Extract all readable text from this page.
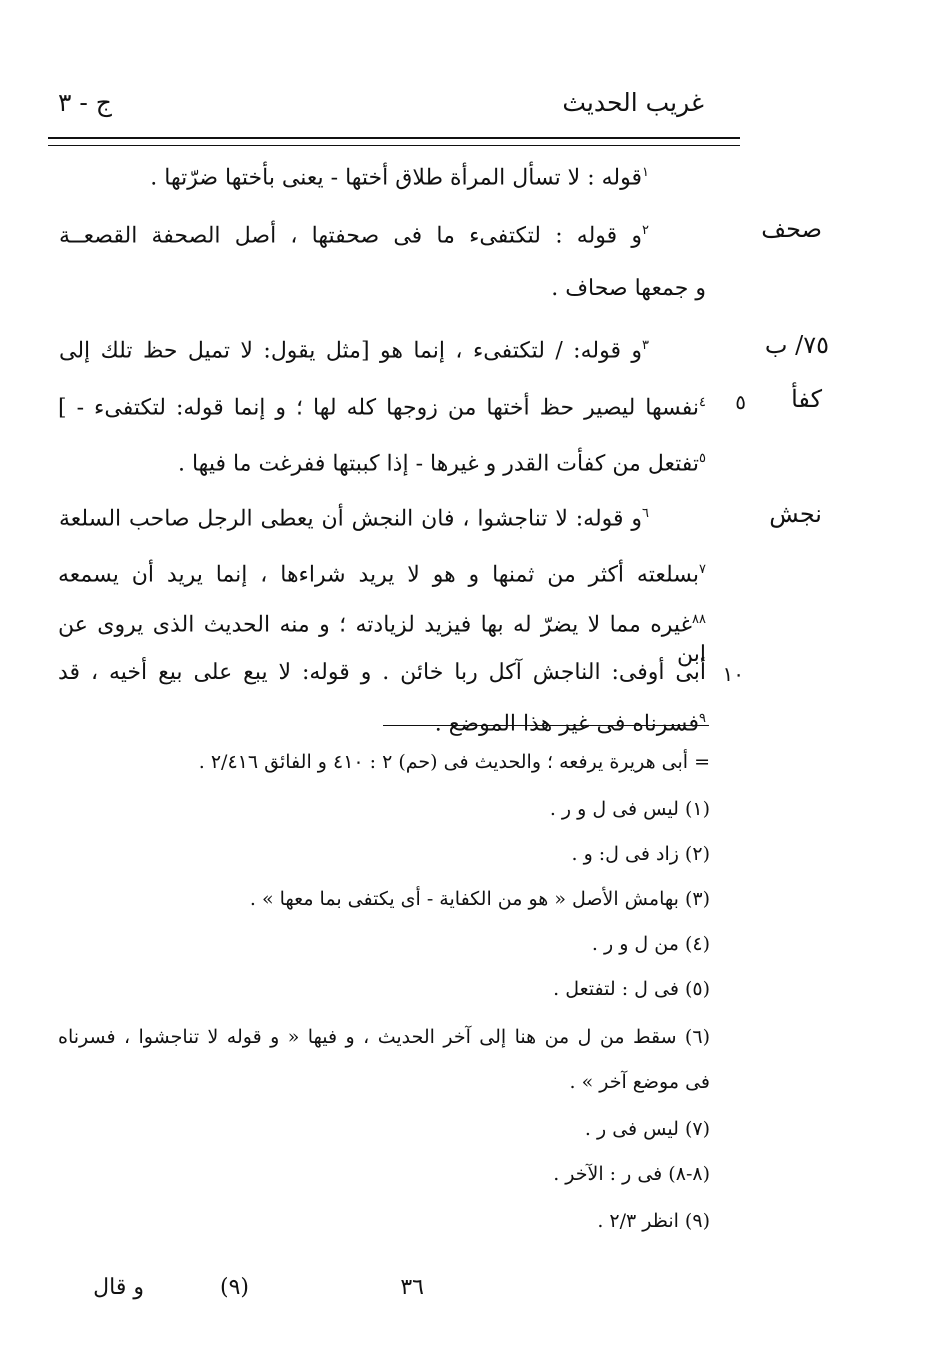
غريب الحديث
ج - ٣
$^١$قوله : لا تسأل المرأة طلاق أختها - يعنى بأختها ضرّتها .
صحف
$^٢$و قوله : لتكتفىء ما فى صحفتها ، أصل الصحفة القصعــة
و جمعها صحاف .
٧٥/ ب
$^٣$و قوله: / لتكتفىء ، إنما هو [مثل يقول: لا تميل حظ تلك إلى
كفأ
٥
$^٤$نفسها ليصير حظ أختها من زوجها كله لها ؛ و إنما قوله: لتكتفىء - ]
$^٥$تفتعل من كفأت القدر و غيرها - إذا كببتها ففرغت ما فيها .
نجش
$^٦$و قوله: لا تناجشوا ، فان النجش أن يعطى الرجل صاحب السلعة
$^٧$بسلعته أكثر من ثمنها و هو لا يريد شراءها ، إنما يريد أن يسمعه
$^{٨٨}$غيره مما لا يضرّ له بها فيزيد لزيادته ؛ و منه الحديث الذى يروى عن ابن
١٠
أبى أوفى: الناجش آكل ربا خائن . و قوله: لا يبع على بيع أخيه ، قد
$^٩$فسرناه فى غير هذا الموضع .
= أبى هريرة يرفعه ؛ والحديث فى (حم) ٢ : ٤١٠ و الفائق ٢/٤١٦ .
(١) ليس فى ل و ر .
(٢) زاد فى ل: و .
(٣) بهامش الأصل « هو من الكفاية - أى يكتفى بما معها » .
(٤) من ل و ر .
(٥) فى ل : لتفتعل .
(٦) سقط من ل من هنا إلى آخر الحديث ، و فيها « و قوله لا تناجشوا ، فسرناه
فى موضع آخر » .
(٧) ليس فى ر .
(٨-٨) فى ر : الآخر .
(٩) انظر ٢/٣ .
٣٦
(٩)
و قال
